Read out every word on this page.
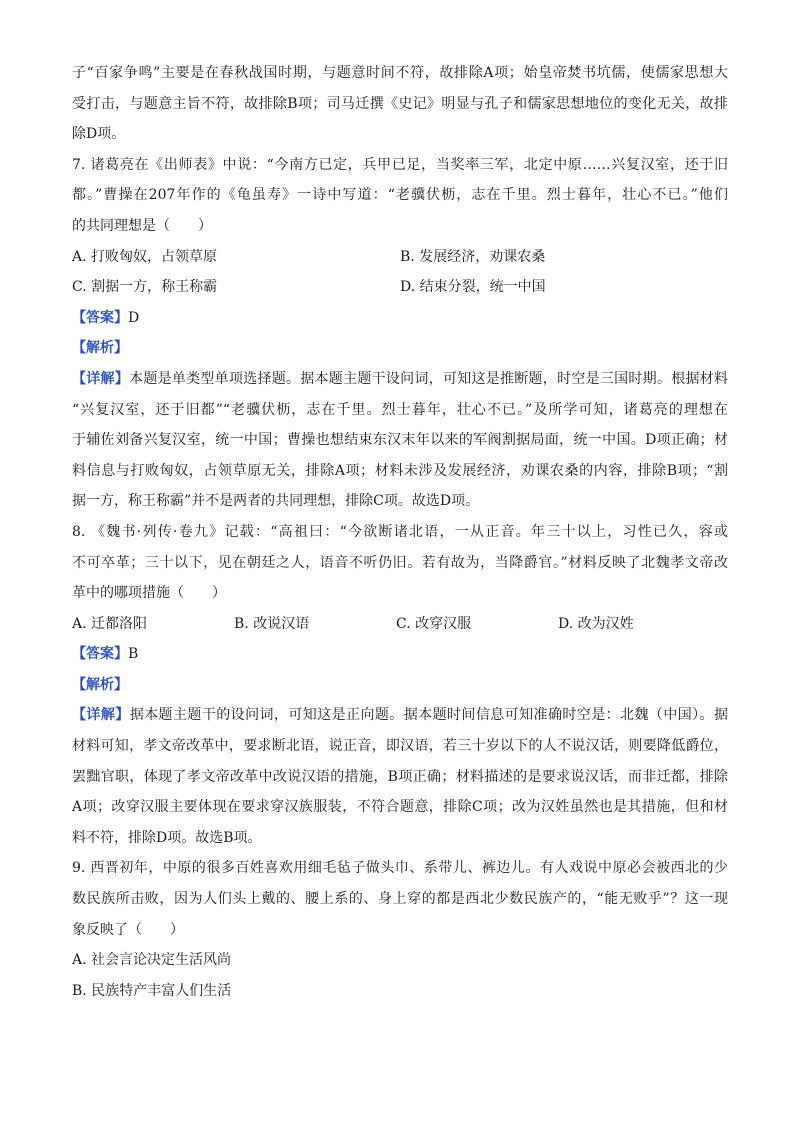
子“百家争鸣”主要是在春秋战国时期，与题意时间不符，故排除A项；始皇帝焚书坑儒，使儒家思想大
受打击，与题意主旨不符，故排除B项；司马迁撰《史记》明显与孔子和儒家思想地位的变化无关，故排
除D项。
7. 诸葛亮在《出师表》中说：“今南方已定，兵甲已足，当奖率三军，北定中原……兴复汉室，还于旧
都。”曹操在207年作的《龟虽寿》一诗中写道：“老骥伏枥，志在千里。烈士暮年，壮心不已。”他们
的共同理想是（　　）
A. 打败匈奴，占领草原	B. 发展经济，劝课农桑
C. 割据一方，称王称霸	D. 结束分裂，统一中国
【答案】D
【解析】
【详解】本题是单类型单项选择题。据本题主题干设问词，可知这是推断题，时空是三国时期。根据材料
“兴复汉室，还于旧都”“老骥伏枥，志在千里。烈士暮年，壮心不已。”及所学可知，诸葛亮的理想在
于辅佐刘备兴复汉室，统一中国；曹操也想结束东汉末年以来的军阀割据局面，统一中国。D项正确；材
料信息与打败匈奴，占领草原无关，排除A项；材料未涉及发展经济，劝课农桑的内容，排除B项；“割
据一方，称王称霸”并不是两者的共同理想，排除C项。故选D项。
8. 《魏书·列传·卷九》记载：“高祖曰：“今欲断诸北语，一从正音。年三十以上，习性已久，容或
不可卒革；三十以下，见在朝廷之人，语音不听仍旧。若有故为，当降爵官。”材料反映了北魏孝文帝改
革中的哪项措施（　　）
A. 迁都洛阳	B. 改说汉语	C. 改穿汉服	D. 改为汉姓
【答案】B
【解析】
【详解】据本题主题干的设问词，可知这是正向题。据本题时间信息可知准确时空是：北魏（中国）。据
材料可知，孝文帝改革中，要求断北语，说正音，即汉语，若三十岁以下的人不说汉话，则要降低爵位，
罢黜官职，体现了孝文帝改革中改说汉语的措施，B项正确；材料描述的是要求说汉话，而非迁都，排除
A项；改穿汉服主要体现在要求穿汉族服装，不符合题意，排除C项；改为汉姓虽然也是其措施，但和材
料不符，排除D项。故选B项。
9. 西晋初年，中原的很多百姓喜欢用细毛毡子做头巾、系带儿、裤边儿。有人戏说中原必会被西北的少
数民族所击败，因为人们头上戴的、腰上系的、身上穿的都是西北少数民族产的，“能无败乎”？这一现
象反映了（　　）
A. 社会言论决定生活风尚
B. 民族特产丰富人们生活
